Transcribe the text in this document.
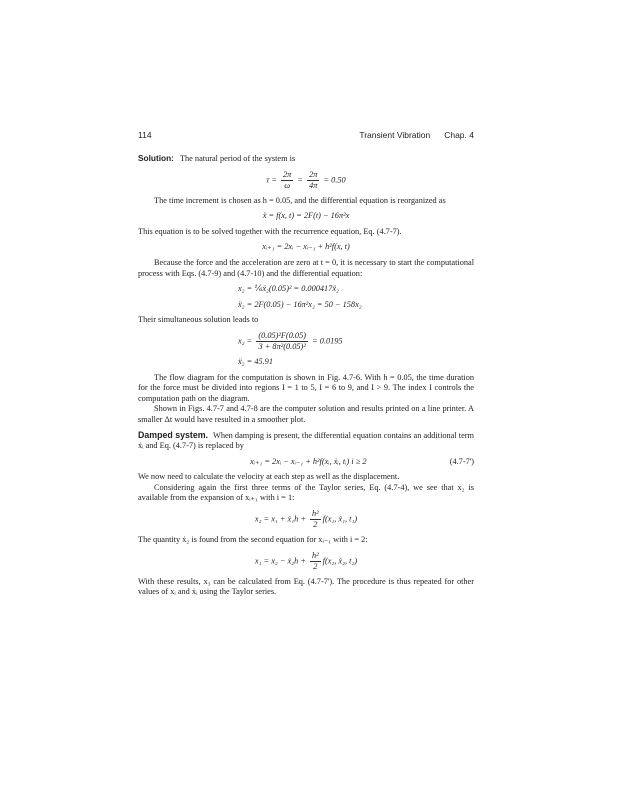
114	Transient Vibration Chap. 4

Solution: The natural period of the system is

$\tau = \frac{2\pi}{\omega} = \frac{2\pi}{4\pi} = 0.50$

The time increment is chosen as h = 0.05, and the differential equation is reorganized as

ẍ = f(x, t) = 2F(t) − 16π²x

This equation is to be solved together with the recurrence equation, Eq. (4.7-7).

xᵢ₊₁ = 2xᵢ − xᵢ₋₁ + h²f(x, t)

Because the force and the acceleration are zero at t = 0, it is necessary to start the computational process with Eqs. (4.7-9) and (4.7-10) and the differential equation:

x₂ = ⅙ẍ₂(0.05)² = 0.000417ẍ₂
ẍ₂ = 2F(0.05) − 16π²x₂ = 50 − 158x₂

Their simultaneous solution leads to

$x_2 = \frac{\text{(0.05)²F(0.05)}}{\text{3 + 8π²(0.05)²}} = 0.0195$
ẍ₂ = 45.91

The flow diagram for the computation is shown in Fig. 4.7-6. With h = 0.05, the time duration for the force must be divided into regions I = 1 to 5, I = 6 to 9, and I > 9. The index I controls the computation path on the diagram.

Shown in Figs. 4.7-7 and 4.7-8 are the computer solution and results printed on a line printer. A smaller Δt would have resulted in a smoother plot.

Damped system. When damping is present, the differential equation contains an additional term ẋᵢ and Eq. (4.7-7) is replaced by

xᵢ₊₁ = 2xᵢ − xᵢ₋₁ + h²f(xᵢ, ẋᵢ, tᵢ) i ≥ 2	(4.7-7')

We now need to calculate the velocity at each step as well as the displacement.

Considering again the first three terms of the Taylor series, Eq. (4.7-4), we see that x₂ is available from the expansion of xᵢ₊₁ with i = 1:

x₂ = x₁ + ẋ₁h + $\frac{\text{h²}}{2} f(x_1$, ẋ₁, t₁)

The quantity ẋ₂ is found from the second equation for xᵢ₋₁ with i = 2:

x₁ = x₂ − ẋ₂h + $\frac{\text{h²}}{2} f(x_2$, ẋ₂, t₂)

With these results, x₃ can be calculated from Eq. (4.7-7'). The procedure is thus repeated for other values of xᵢ and ẋᵢ using the Taylor series.
